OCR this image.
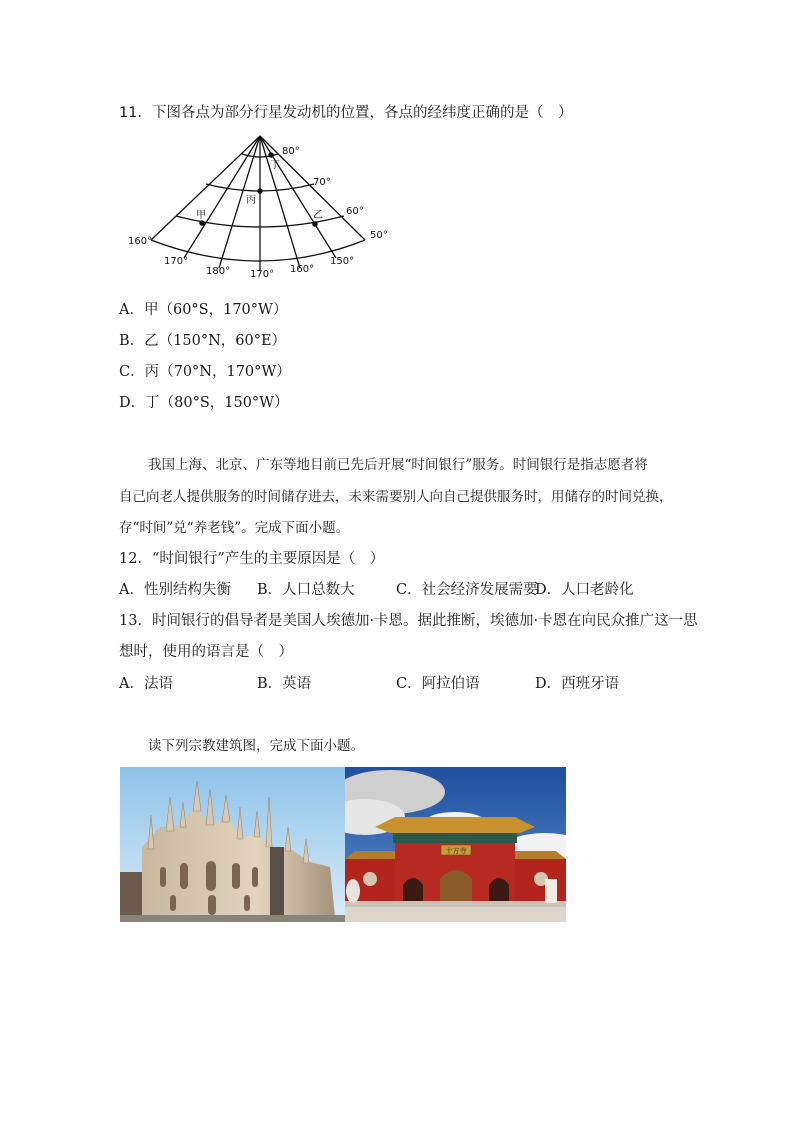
11．下图各点为部分行星发动机的位置，各点的经纬度正确的是（　）
丁
丙
甲	乙
80°
70°
60°
50°
160°
170°
180° 170° 160°
150°
A．甲（60°S，170°W）
B．乙（150°N，60°E）
C．丙（70°N，170°W）
D．丁（80°S，150°W）
我国上海、北京、广东等地目前已先后开展“时间银行”服务。时间银行是指志愿者将
自己向老人提供服务的时间储存进去，未来需要别人向自己提供服务时，用储存的时间兑换，
存“时间”兑“养老钱”。完成下面小题。
12．“时间银行”产生的主要原因是（　）
A．性别结构失衡 B．人口总数大	C．社会经济发展需要
D．人口老龄化
13．时间银行的倡导者是美国人埃德加·卡恩。据此推断，埃德加·卡恩在向民众推广这一思
想时，使用的语言是（　）
A．法语	B．英语	C．阿拉伯语	D．西班牙语
读下列宗教建筑图，完成下面小题。
十方寺
